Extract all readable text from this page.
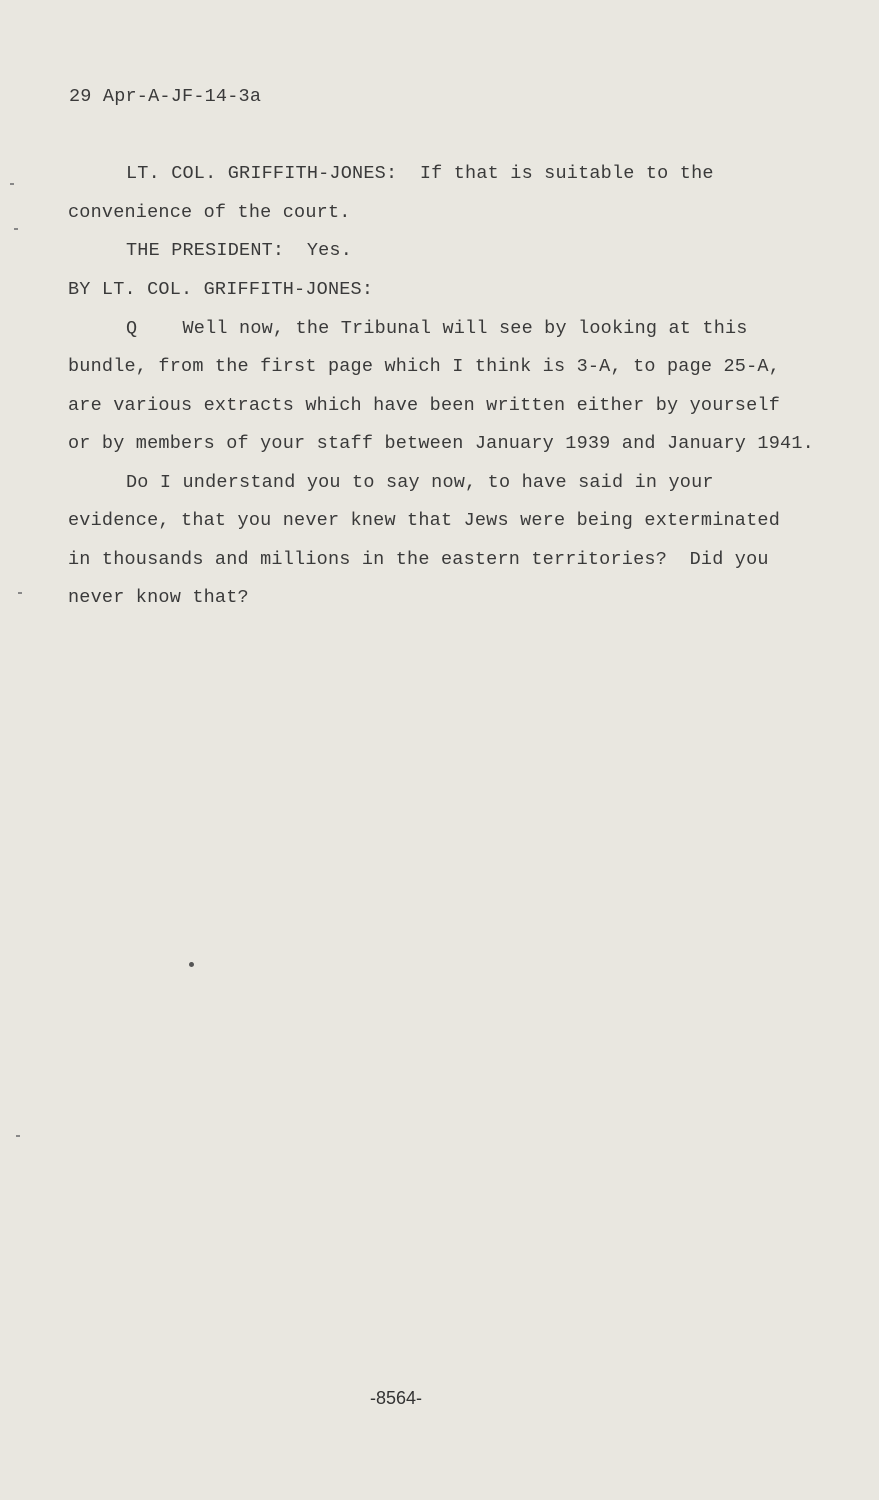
29 Apr-A-JF-14-3a
LT. COL. GRIFFITH-JONES:  If that is suitable to the
convenience of the court.
THE PRESIDENT:  Yes.
BY LT. COL. GRIFFITH-JONES:
Q    Well now, the Tribunal will see by looking at this
bundle, from the first page which I think is 3-A, to page 25-A,
are various extracts which have been written either by yourself
or by members of your staff between January 1939 and January 1941.
Do I understand you to say now, to have said in your
evidence, that you never knew that Jews were being exterminated
in thousands and millions in the eastern territories?  Did you
never know that?
-8564-
